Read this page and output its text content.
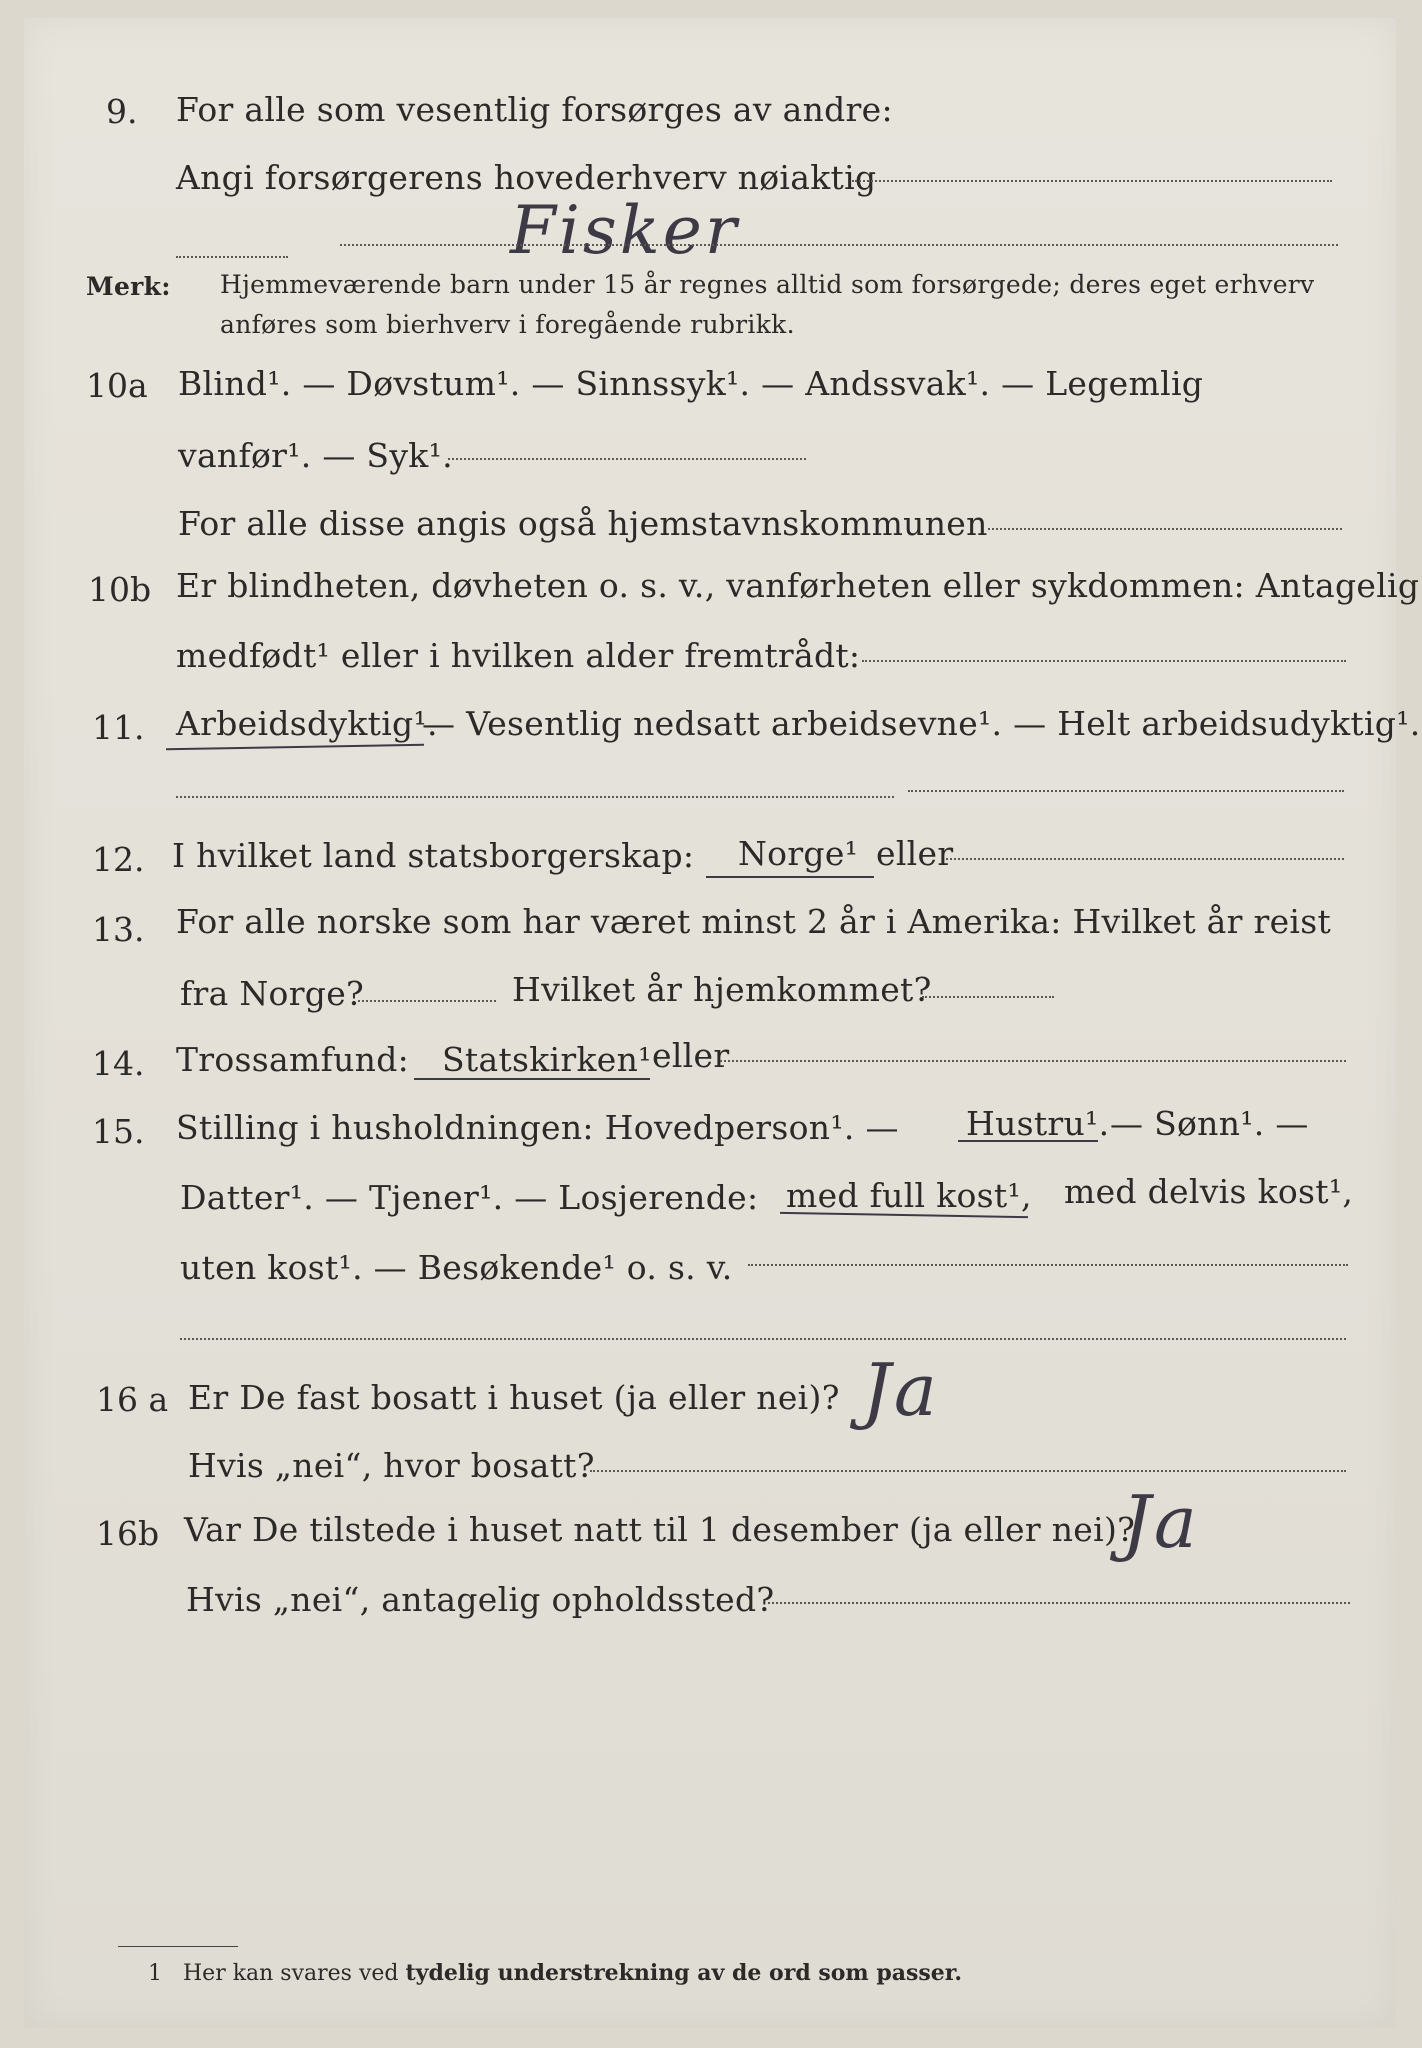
9. For alle som vesentlig forsørges av andre:
Angi forsørgerens hovederhverv nøiaktig
Fisker
Merk: Hjemmeværende barn under 15 år regnes alltid som forsørgede; deres eget erhverv
anføres som bierhverv i foregående rubrikk.
10a Blind¹. — Døvstum¹. — Sinnssyk¹. — Andssvak¹. — Legemlig
vanfør¹. — Syk¹.
For alle disse angis også hjemstavnskommunen
10b Er blindheten, døvheten o. s. v., vanførheten eller sykdommen: Antagelig
medfødt¹ eller i hvilken alder fremtrådt:
11. Arbeidsdyktig¹.
— Vesentlig nedsatt arbeidsevne¹. — Helt arbeidsudyktig¹.
12. I hvilket land statsborgerskap: Norge¹ eller
13. For alle norske som har været minst 2 år i Amerika: Hvilket år reist
fra Norge?	Hvilket år hjemkommet?
14. Trossamfund: Statskirken¹ eller
15. Stilling i husholdningen: Hovedperson¹. — Hustru¹. — Sønn¹. —
Datter¹. — Tjener¹. — Losjerende: med full kost¹, med delvis kost¹,
uten kost¹. — Besøkende¹ o. s. v.
16 a Er De fast bosatt i huset (ja eller nei)? Ja
Hvis „nei“, hvor bosatt?
16b Var De tilstede i huset natt til 1 desember (ja eller nei)?
Ja
Hvis „nei“, antagelig opholdssted?
1 Her kan svares ved tydelig understrekning av de ord som passer.
